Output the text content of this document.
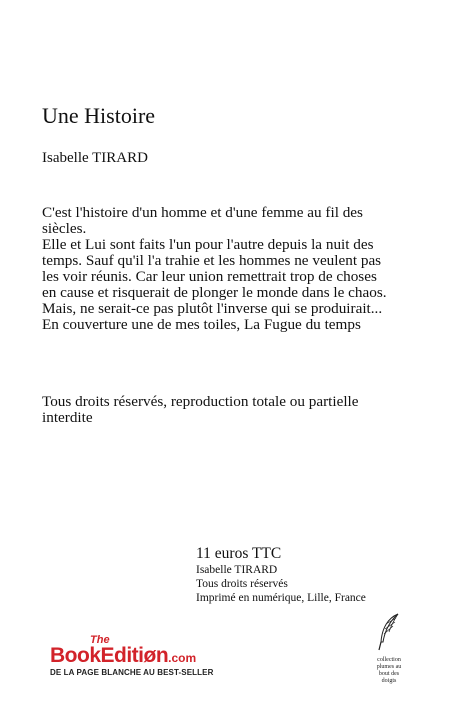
Une Histoire
Isabelle TIRARD

C'est l'histoire d'un homme et d'une femme au fil des siècles.

Elle et Lui sont faits l'un pour l'autre depuis la nuit des temps. Sauf qu'il l'a trahie et les hommes ne veulent pas les voir réunis. Car leur union remettrait trop de choses en cause et risquerait de plonger le monde dans le chaos. Mais, ne serait-ce pas plutôt l'inverse qui se produirait...

En couverture une de mes toiles, La Fugue du temps

Tous droits réservés, reproduction totale ou partielle interdite
11 euros TTC
Isabelle TIRARD
Tous droits réservés
Imprimé en numérique, Lille, France
The
BookEditiøn.com
DE LA PAGE BLANCHE AU BEST-SELLER
collection
plumes au
bout des
doigts
